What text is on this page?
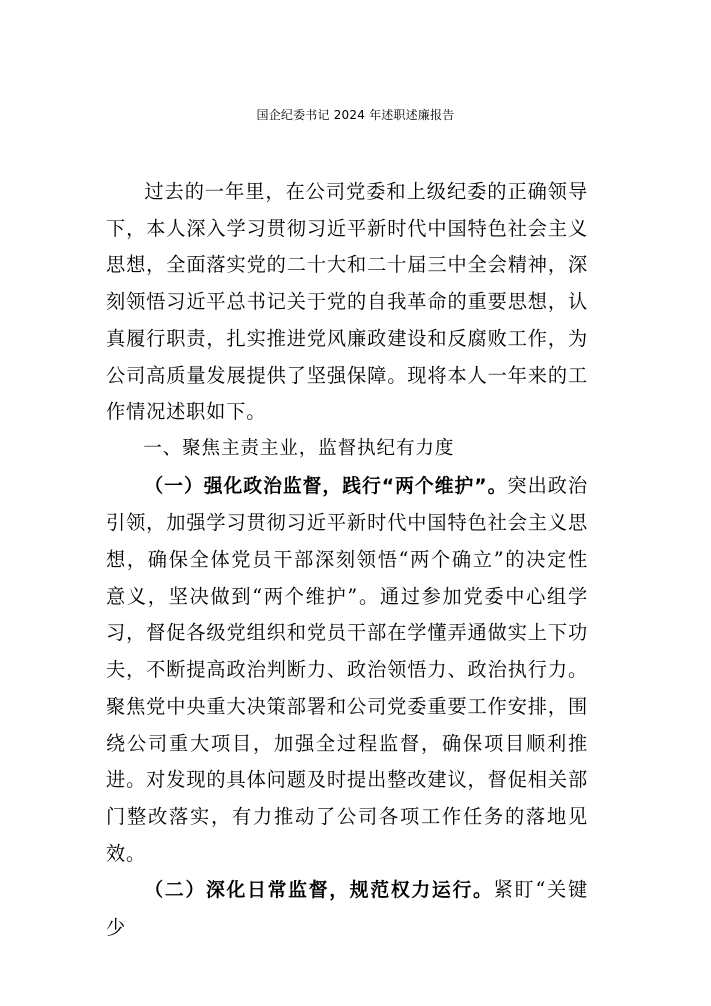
国企纪委书记 2024 年述职述廉报告

过去的一年里，在公司党委和上级纪委的正确领导下，本人深入学习贯彻习近平新时代中国特色社会主义思想，全面落实党的二十大和二十届三中全会精神，深刻领悟习近平总书记关于党的自我革命的重要思想，认真履行职责，扎实推进党风廉政建设和反腐败工作，为公司高质量发展提供了坚强保障。现将本人一年来的工作情况述职如下。

一、聚焦主责主业，监督执纪有力度

（一）强化政治监督，践行“两个维护”。突出政治引领，加强学习贯彻习近平新时代中国特色社会主义思想，确保全体党员干部深刻领悟“两个确立”的决定性意义，坚决做到“两个维护”。通过参加党委中心组学习，督促各级党组织和党员干部在学懂弄通做实上下功夫，不断提高政治判断力、政治领悟力、政治执行力。聚焦党中央重大决策部署和公司党委重要工作安排，围绕公司重大项目，加强全过程监督，确保项目顺利推进。对发现的具体问题及时提出整改建议，督促相关部门整改落实，有力推动了公司各项工作任务的落地见效。

（二）深化日常监督，规范权力运行。紧盯“关键少
